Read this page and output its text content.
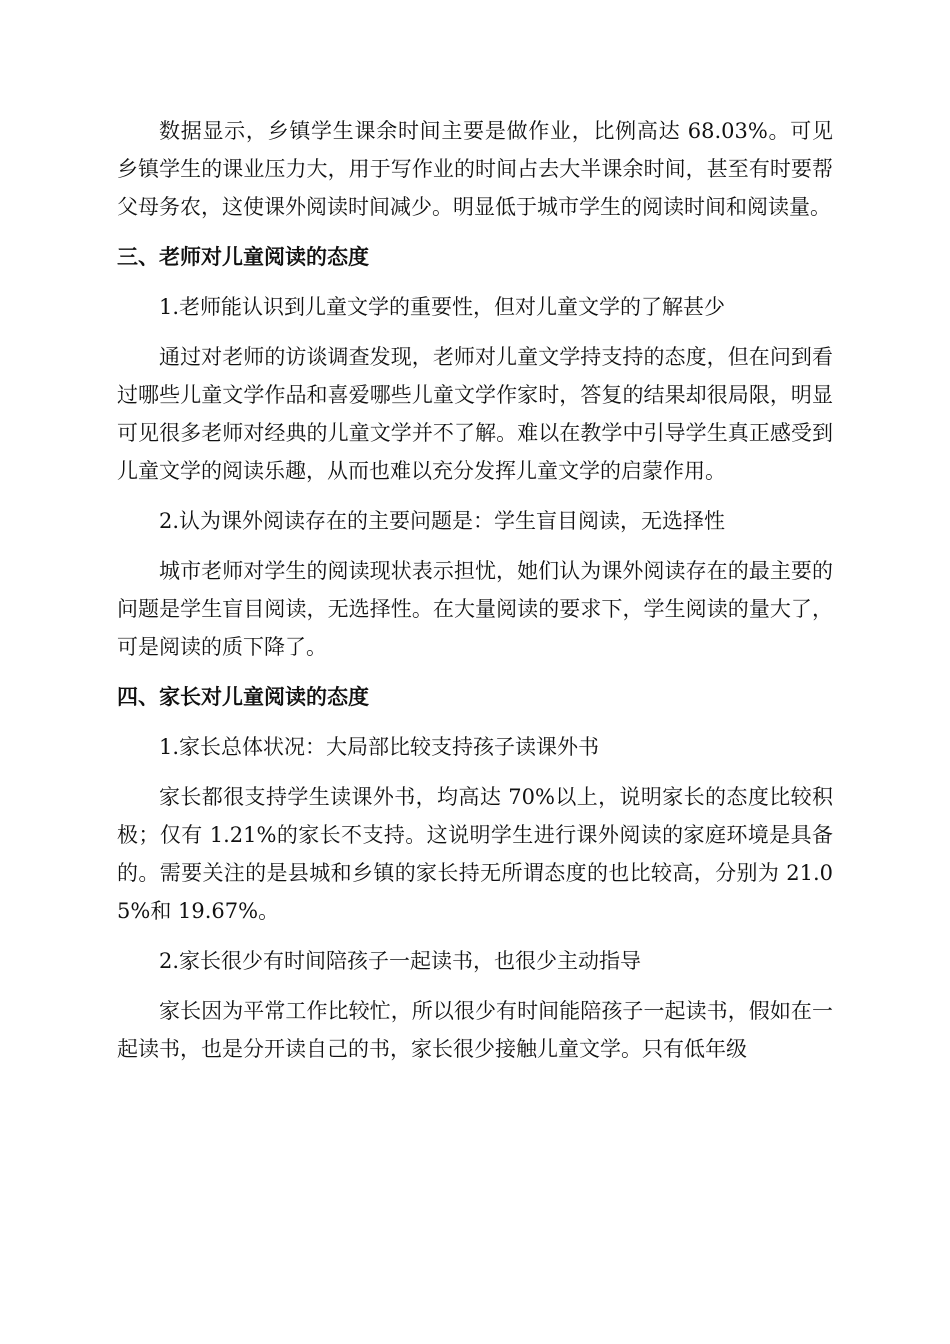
数据显示，乡镇学生课余时间主要是做作业，比例高达 68.03%。可见乡镇学生的课业压力大，用于写作业的时间占去大半课余时间，甚至有时要帮父母务农，这使课外阅读时间减少。明显低于城市学生的阅读时间和阅读量。

三、老师对儿童阅读的态度

1.老师能认识到儿童文学的重要性，但对儿童文学的了解甚少

通过对老师的访谈调查发现，老师对儿童文学持支持的态度，但在问到看过哪些儿童文学作品和喜爱哪些儿童文学作家时，答复的结果却很局限，明显可见很多老师对经典的儿童文学并不了解。难以在教学中引导学生真正感受到儿童文学的阅读乐趣，从而也难以充分发挥儿童文学的启蒙作用。

2.认为课外阅读存在的主要问题是：学生盲目阅读，无选择性

城市老师对学生的阅读现状表示担忧，她们认为课外阅读存在的最主要的问题是学生盲目阅读，无选择性。在大量阅读的要求下，学生阅读的量大了，可是阅读的质下降了。

四、家长对儿童阅读的态度

1.家长总体状况：大局部比较支持孩子读课外书

家长都很支持学生读课外书，均高达 70%以上，说明家长的态度比较积极；仅有 1.21%的家长不支持。这说明学生进行课外阅读的家庭环境是具备的。需要关注的是县城和乡镇的家长持无所谓态度的也比较高，分别为 21.05%和 19.67%。

2.家长很少有时间陪孩子一起读书，也很少主动指导

家长因为平常工作比较忙，所以很少有时间能陪孩子一起读书，假如在一起读书，也是分开读自己的书，家长很少接触儿童文学。只有低年级
